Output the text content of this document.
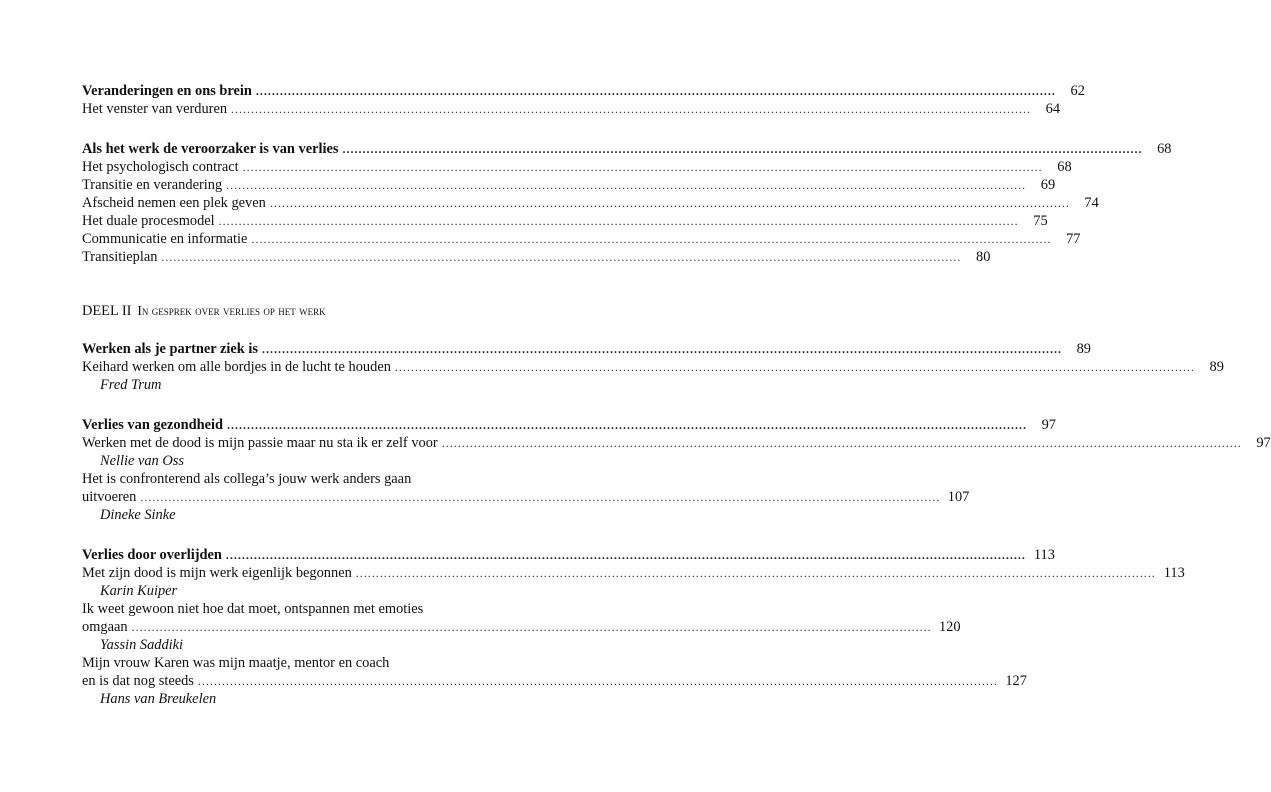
Veranderingen en ons brein ........................................................................................................................................................................................................	62
Het venster van verduren ........................................................................................................................................................................................................	64
Als het werk de veroorzaker is van verlies ........................................................................................................................................................................................................	68
Het psychologisch contract ........................................................................................................................................................................................................	68
Transitie en verandering ........................................................................................................................................................................................................	69
Afscheid nemen een plek geven ........................................................................................................................................................................................................	74
Het duale procesmodel ........................................................................................................................................................................................................	75
Communicatie en informatie ........................................................................................................................................................................................................	77
Transitieplan ........................................................................................................................................................................................................	80
DEEL II In gesprek over verlies op het werk
Werken als je partner ziek is ........................................................................................................................................................................................................	89
Keihard werken om alle bordjes in de lucht te houden ........................................................................................................................................................................................................	89
Fred Trum
Verlies van gezondheid ........................................................................................................................................................................................................	97
Werken met de dood is mijn passie maar nu sta ik er zelf voor ........................................................................................................................................................................................................	97
Nellie van Oss
Het is confronterend als collega’s jouw werk anders gaan
uitvoeren ........................................................................................................................................................................................................ 107
Dineke Sinke
Verlies door overlijden ........................................................................................................................................................................................................ 113
Met zijn dood is mijn werk eigenlijk begonnen ........................................................................................................................................................................................................ 113
Karin Kuiper
Ik weet gewoon niet hoe dat moet, ontspannen met emoties
omgaan ........................................................................................................................................................................................................ 120
Yassin Saddiki
Mijn vrouw Karen was mijn maatje, mentor en coach
en is dat nog steeds ........................................................................................................................................................................................................ 127
Hans van Breukelen
